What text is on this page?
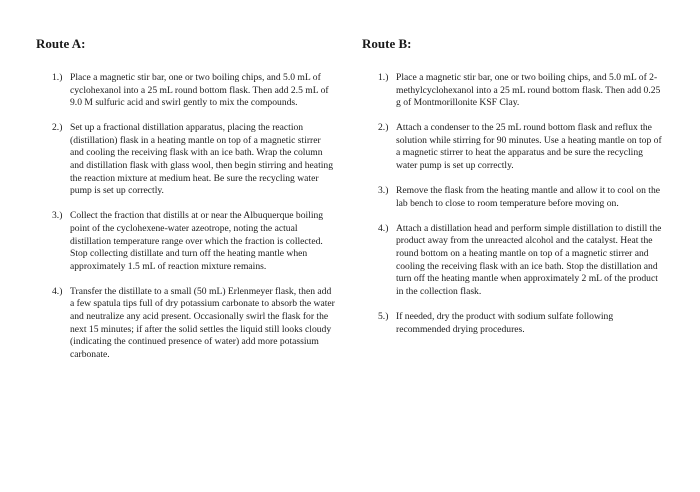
Route A:
1.) Place a magnetic stir bar, one or two boiling chips, and 5.0 mL of cyclohexanol into a 25 mL round bottom flask. Then add 2.5 mL of 9.0 M sulfuric acid and swirl gently to mix the compounds.
2.) Set up a fractional distillation apparatus, placing the reaction (distillation) flask in a heating mantle on top of a magnetic stirrer and cooling the receiving flask with an ice bath. Wrap the column and distillation flask with glass wool, then begin stirring and heating the reaction mixture at medium heat. Be sure the recycling water pump is set up correctly.
3.) Collect the fraction that distills at or near the Albuquerque boiling point of the cyclohexene-water azeotrope, noting the actual distillation temperature range over which the fraction is collected. Stop collecting distillate and turn off the heating mantle when approximately 1.5 mL of reaction mixture remains.
4.) Transfer the distillate to a small (50 mL) Erlenmeyer flask, then add a few spatula tips full of dry potassium carbonate to absorb the water and neutralize any acid present. Occasionally swirl the flask for the next 15 minutes; if after the solid settles the liquid still looks cloudy (indicating the continued presence of water) add more potassium carbonate.
Route B:
1.) Place a magnetic stir bar, one or two boiling chips, and 5.0 mL of 2-methylcyclohexanol into a 25 mL round bottom flask. Then add 0.25 g of Montmorillonite KSF Clay.
2.) Attach a condenser to the 25 mL round bottom flask and reflux the solution while stirring for 90 minutes. Use a heating mantle on top of a magnetic stirrer to heat the apparatus and be sure the recycling water pump is set up correctly.
3.) Remove the flask from the heating mantle and allow it to cool on the lab bench to close to room temperature before moving on.
4.) Attach a distillation head and perform simple distillation to distill the product away from the unreacted alcohol and the catalyst. Heat the round bottom on a heating mantle on top of a magnetic stirrer and cooling the receiving flask with an ice bath. Stop the distillation and turn off the heating mantle when approximately 2 mL of the product in the collection flask.
5.) If needed, dry the product with sodium sulfate following recommended drying procedures.
